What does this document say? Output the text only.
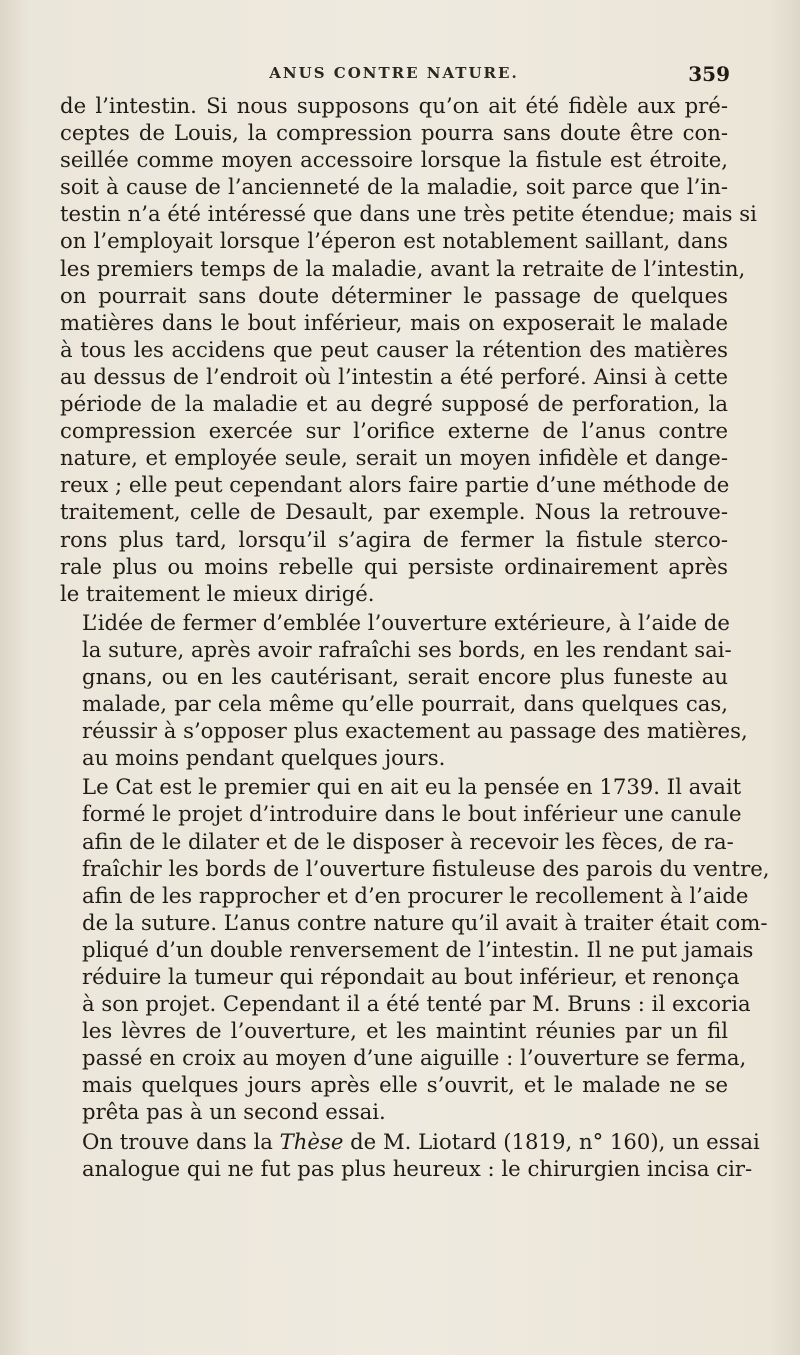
ANUS CONTRE NATURE.	359

de l’intestin. Si nous supposons qu’on ait été fidèle aux pré-
ceptes de Louis, la compression pourra sans doute être con-
seillée comme moyen accessoire lorsque la fistule est étroite,
soit à cause de l’ancienneté de la maladie, soit parce que l’in-
testin n’a été intéressé que dans une très petite étendue; mais si
on l’employait lorsque l’éperon est notablement saillant, dans
les premiers temps de la maladie, avant la retraite de l’intestin,
on pourrait sans doute déterminer le passage de quelques
matières dans le bout inférieur, mais on exposerait le malade
à tous les accidens que peut causer la rétention des matières
au dessus de l’endroit où l’intestin a été perforé. Ainsi à cette
période de la maladie et au degré supposé de perforation, la
compression exercée sur l’orifice externe de l’anus contre
nature, et employée seule, serait un moyen infidèle et dange-
reux ; elle peut cependant alors faire partie d’une méthode de
traitement, celle de Desault, par exemple. Nous la retrouve-
rons plus tard, lorsqu’il s’agira de fermer la fistule sterco-
rale plus ou moins rebelle qui persiste ordinairement après
le traitement le mieux dirigé.

L’idée de fermer d’emblée l’ouverture extérieure, à l’aide de
la suture, après avoir rafraîchi ses bords, en les rendant sai-
gnans, ou en les cautérisant, serait encore plus funeste au
malade, par cela même qu’elle pourrait, dans quelques cas,
réussir à s’opposer plus exactement au passage des matières,
au moins pendant quelques jours.

Le Cat est le premier qui en ait eu la pensée en 1739. Il avait
formé le projet d’introduire dans le bout inférieur une canule
afin de le dilater et de le disposer à recevoir les fèces, de ra-
fraîchir les bords de l’ouverture fistuleuse des parois du ventre,
afin de les rapprocher et d’en procurer le recollement à l’aide
de la suture. L’anus contre nature qu’il avait à traiter était com-
pliqué d’un double renversement de l’intestin. Il ne put jamais
réduire la tumeur qui répondait au bout inférieur, et renonça
à son projet. Cependant il a été tenté par M. Bruns : il excoria
les lèvres de l’ouverture, et les maintint réunies par un fil
passé en croix au moyen d’une aiguille : l’ouverture se ferma,
mais quelques jours après elle s’ouvrit, et le malade ne se
prêta pas à un second essai.

On trouve dans la Thèse de M. Liotard (1819, n° 160), un essai
analogue qui ne fut pas plus heureux : le chirurgien incisa cir-
